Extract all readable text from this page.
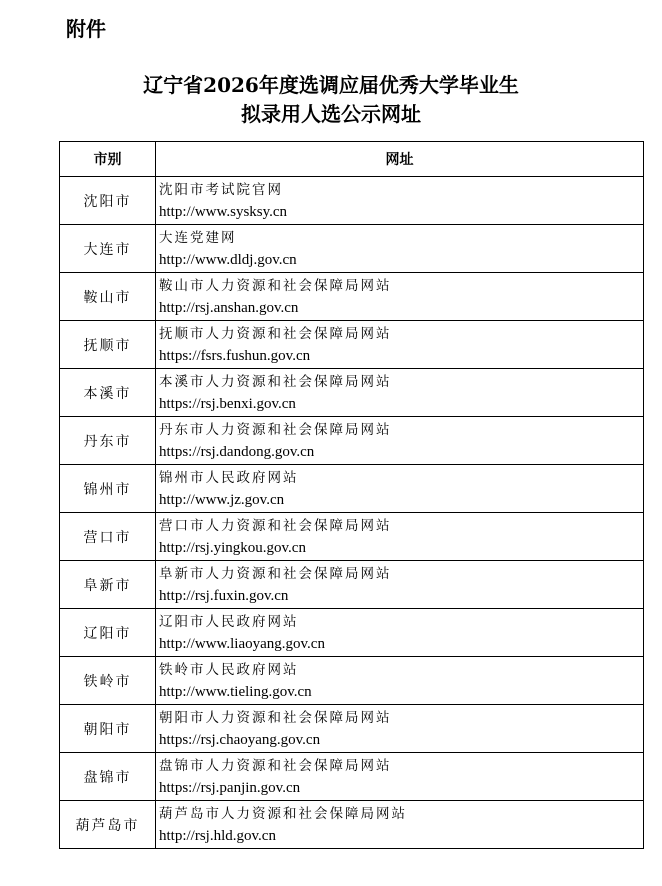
附件
辽宁省2026年度选调应届优秀大学毕业生
拟录用人选公示网址
市别	网址
沈阳市	沈阳市考试院官网
http://www.sysksy.cn

大连市	大连党建网
http://www.dldj.gov.cn

鞍山市	鞍山市人力资源和社会保障局网站
http://rsj.anshan.gov.cn

抚顺市	抚顺市人力资源和社会保障局网站
https://fsrs.fushun.gov.cn

本溪市	本溪市人力资源和社会保障局网站
https://rsj.benxi.gov.cn

丹东市	丹东市人力资源和社会保障局网站
https://rsj.dandong.gov.cn

锦州市	锦州市人民政府网站
http://www.jz.gov.cn

营口市	营口市人力资源和社会保障局网站
http://rsj.yingkou.gov.cn

阜新市	阜新市人力资源和社会保障局网站
http://rsj.fuxin.gov.cn

辽阳市	辽阳市人民政府网站
http://www.liaoyang.gov.cn

铁岭市	铁岭市人民政府网站
http://www.tieling.gov.cn

朝阳市	朝阳市人力资源和社会保障局网站
https://rsj.chaoyang.gov.cn

盘锦市	盘锦市人力资源和社会保障局网站
https://rsj.panjin.gov.cn

葫芦岛市	葫芦岛市人力资源和社会保障局网站
http://rsj.hld.gov.cn
